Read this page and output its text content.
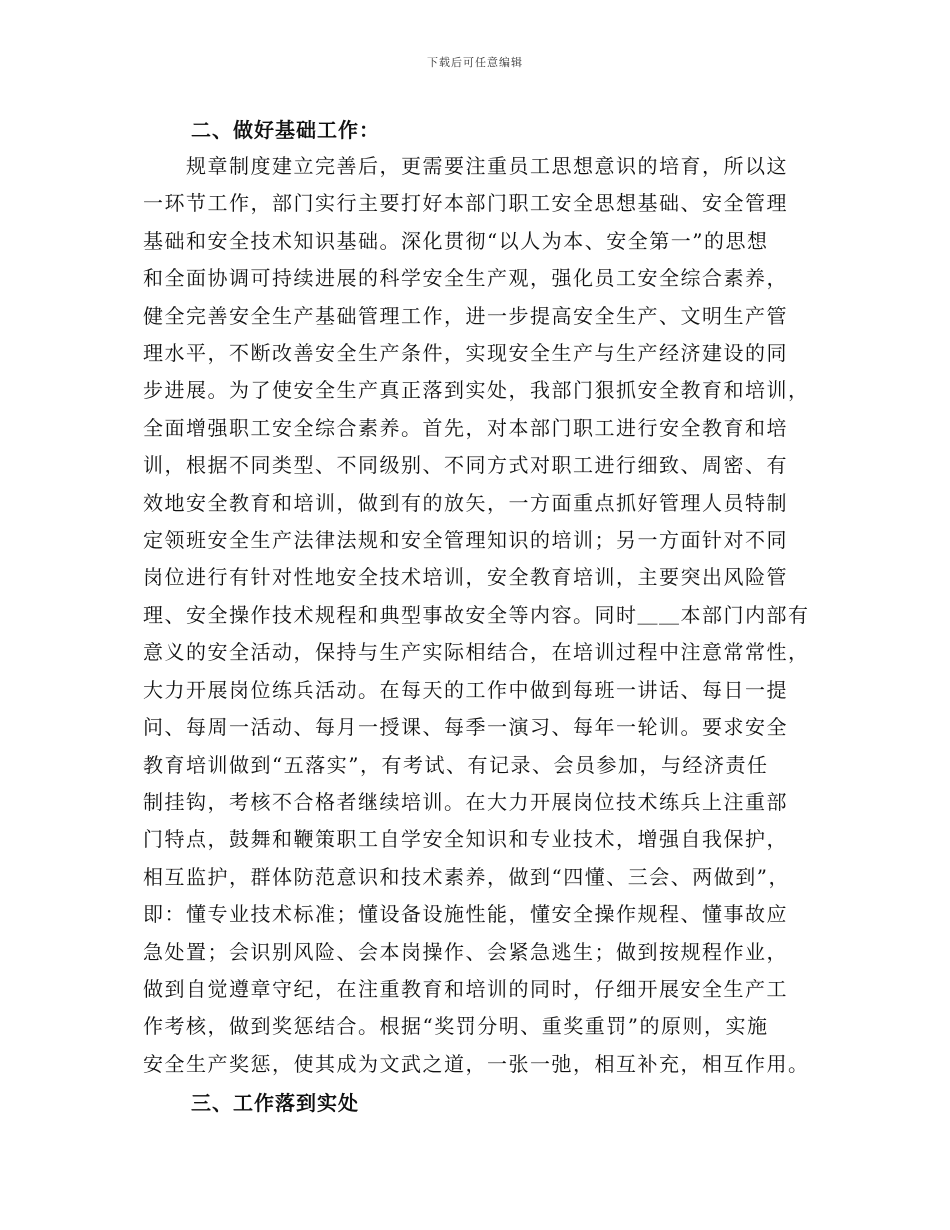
下载后可任意编辑
二、做好基础工作：
　　规章制度建立完善后，更需要注重员工思想意识的培育，所以这
一环节工作，部门实行主要打好本部门职工安全思想基础、安全管理
基础和安全技术知识基础。深化贯彻“以人为本、安全第一”的思想
和全面协调可持续进展的科学安全生产观，强化员工安全综合素养，
健全完善安全生产基础管理工作，进一步提高安全生产、文明生产管
理水平，不断改善安全生产条件，实现安全生产与生产经济建设的同
步进展。为了使安全生产真正落到实处，我部门狠抓安全教育和培训，
全面增强职工安全综合素养。首先，对本部门职工进行安全教育和培
训，根据不同类型、不同级别、不同方式对职工进行细致、周密、有
效地安全教育和培训，做到有的放矢，一方面重点抓好管理人员特制
定领班安全生产法律法规和安全管理知识的培训；另一方面针对不同
岗位进行有针对性地安全技术培训，安全教育培训，主要突出风险管
理、安全操作技术规程和典型事故安全等内容。同时＿＿本部门内部有
意义的安全活动，保持与生产实际相结合，在培训过程中注意常常性，
大力开展岗位练兵活动。在每天的工作中做到每班一讲话、每日一提
问、每周一活动、每月一授课、每季一演习、每年一轮训。要求安全
教育培训做到“五落实”，有考试、有记录、会员参加，与经济责任
制挂钩，考核不合格者继续培训。在大力开展岗位技术练兵上注重部
门特点，鼓舞和鞭策职工自学安全知识和专业技术，增强自我保护，
相互监护，群体防范意识和技术素养，做到“四懂、三会、两做到”，
即：懂专业技术标准；懂设备设施性能，懂安全操作规程、懂事故应
急处置；会识别风险、会本岗操作、会紧急逃生；做到按规程作业，
做到自觉遵章守纪，在注重教育和培训的同时，仔细开展安全生产工
作考核，做到奖惩结合。根据“奖罚分明、重奖重罚”的原则，实施
安全生产奖惩，使其成为文武之道，一张一弛，相互补充，相互作用。
三、工作落到实处
